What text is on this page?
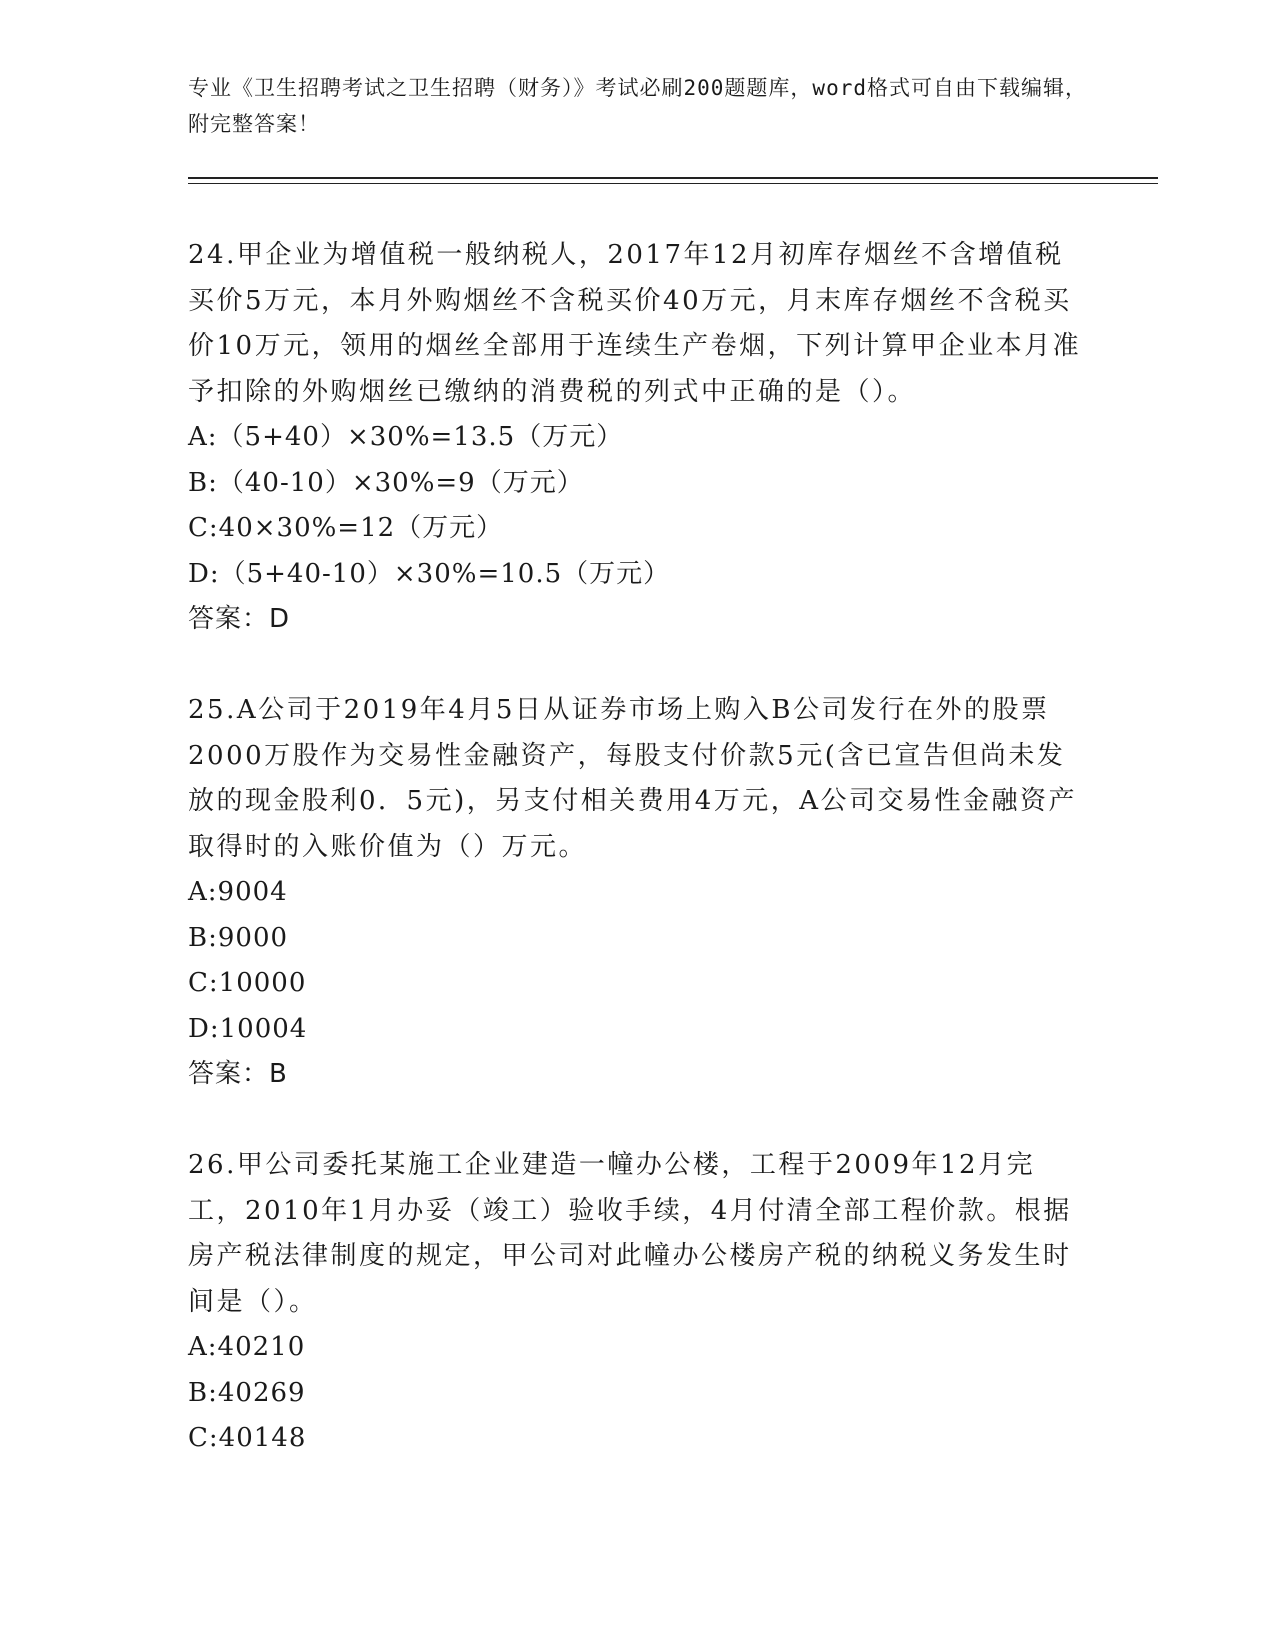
专业《卫生招聘考试之卫生招聘（财务）》考试必刷200题题库，word格式可自由下载编辑，附完整答案！

24.甲企业为增值税一般纳税人，2017年12月初库存烟丝不含增值税买价5万元，本月外购烟丝不含税买价40万元，月末库存烟丝不含税买价10万元，领用的烟丝全部用于连续生产卷烟，下列计算甲企业本月准予扣除的外购烟丝已缴纳的消费税的列式中正确的是（）。

A:（5+40）×30%=13.5（万元）

B:（40-10）×30%=9（万元）

C:40×30%=12（万元）

D:（5+40-10）×30%=10.5（万元）

答案：D

25.A公司于2019年4月5日从证券市场上购入B公司发行在外的股票2000万股作为交易性金融资产，每股支付价款5元(含已宣告但尚未发放的现金股利0．5元)，另支付相关费用4万元，A公司交易性金融资产取得时的入账价值为（）万元。

A:9004

B:9000

C:10000

D:10004

答案：B

26.甲公司委托某施工企业建造一幢办公楼，工程于2009年12月完工，2010年1月办妥（竣工）验收手续，4月付清全部工程价款。根据房产税法律制度的规定，甲公司对此幢办公楼房产税的纳税义务发生时间是（）。

A:40210

B:40269

C:40148
